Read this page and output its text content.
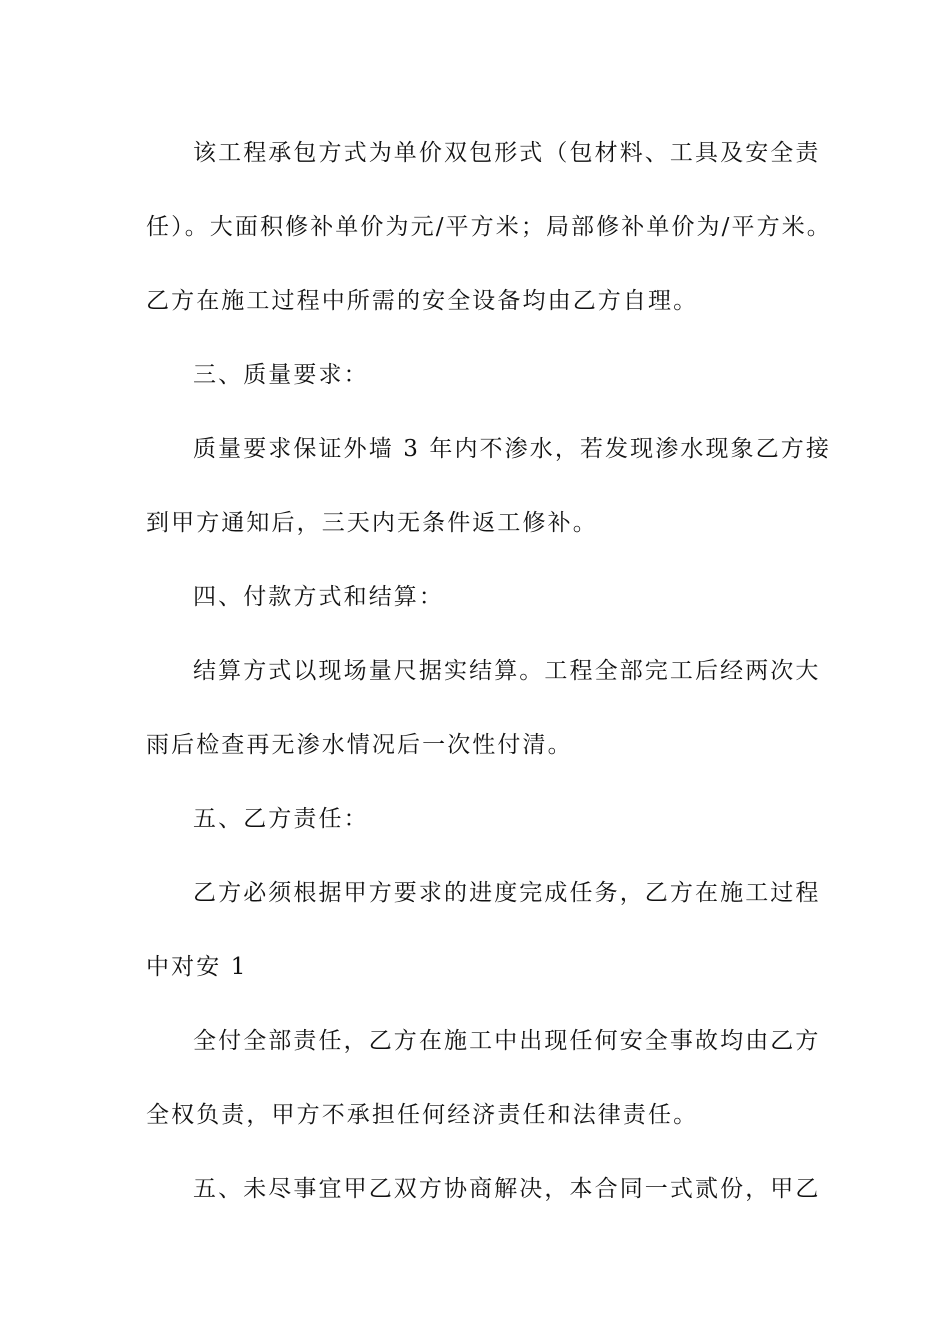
该工程承包方式为单价双包形式（包材料、工具及安全责
任）。大面积修补单价为元/平方米；局部修补单价为/平方米。
乙方在施工过程中所需的安全设备均由乙方自理。
三、质量要求：
质量要求保证外墙 3 年内不渗水，若发现渗水现象乙方接
到甲方通知后，三天内无条件返工修补。
四、付款方式和结算：
结算方式以现场量尺据实结算。工程全部完工后经两次大
雨后检查再无渗水情况后一次性付清。
五、乙方责任：
乙方必须根据甲方要求的进度完成任务，乙方在施工过程
中对安 1
全付全部责任，乙方在施工中出现任何安全事故均由乙方
全权负责，甲方不承担任何经济责任和法律责任。
五、未尽事宜甲乙双方协商解决，本合同一式贰份，甲乙
